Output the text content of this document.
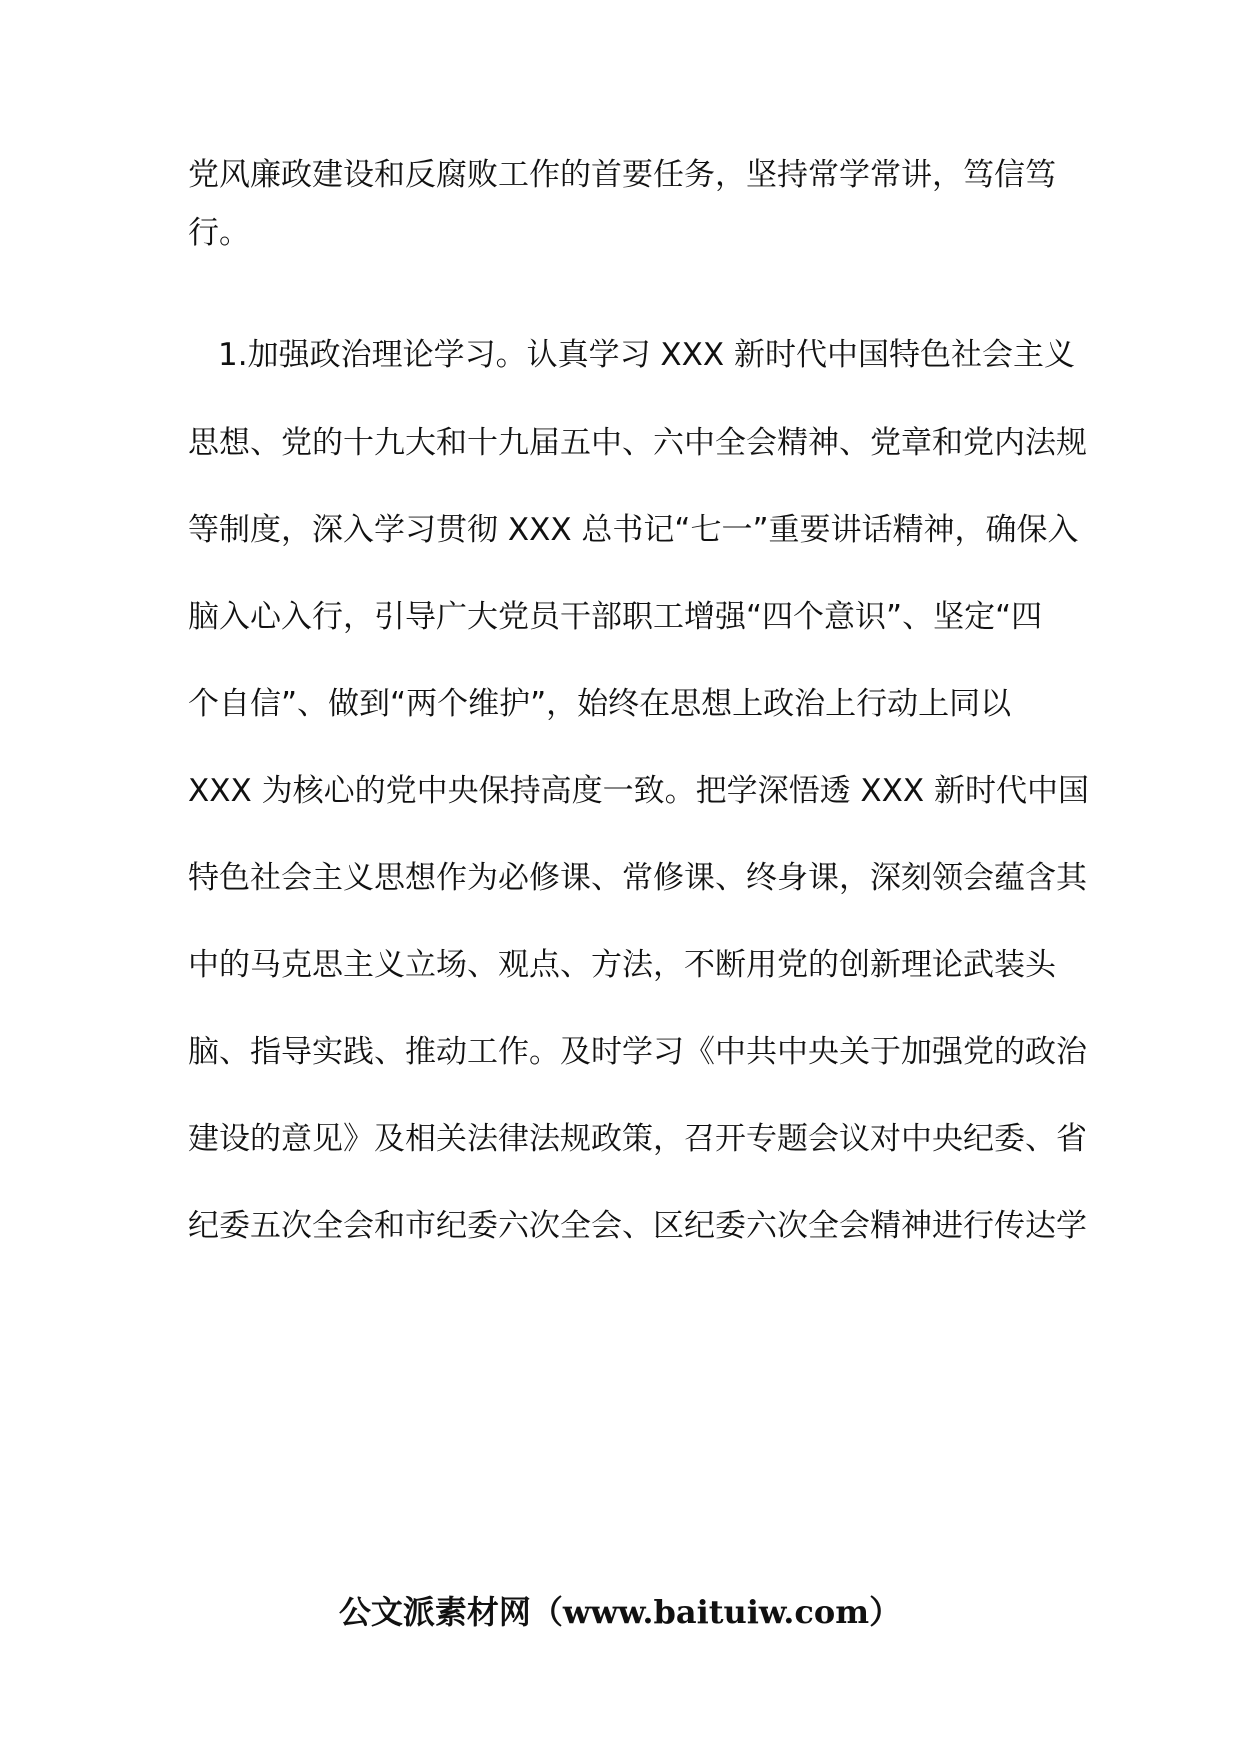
党风廉政建设和反腐败工作的首要任务，坚持常学常讲，笃信笃

行。

1.加强政治理论学习。认真学习 XXX 新时代中国特色社会主义

思想、党的十九大和十九届五中、六中全会精神、党章和党内法规

等制度，深入学习贯彻 XXX 总书记“七一”重要讲话精神，确保入

脑入心入行，引导广大党员干部职工增强“四个意识”、坚定“四

个自信”、做到“两个维护”，始终在思想上政治上行动上同以

XXX 为核心的党中央保持高度一致。把学深悟透 XXX 新时代中国

特色社会主义思想作为必修课、常修课、终身课，深刻领会蕴含其

中的马克思主义立场、观点、方法，不断用党的创新理论武装头

脑、指导实践、推动工作。及时学习《中共中央关于加强党的政治

建设的意见》及相关法律法规政策，召开专题会议对中央纪委、省

纪委五次全会和市纪委六次全会、区纪委六次全会精神进行传达学

公文派素材网（www.baituiw.com）
